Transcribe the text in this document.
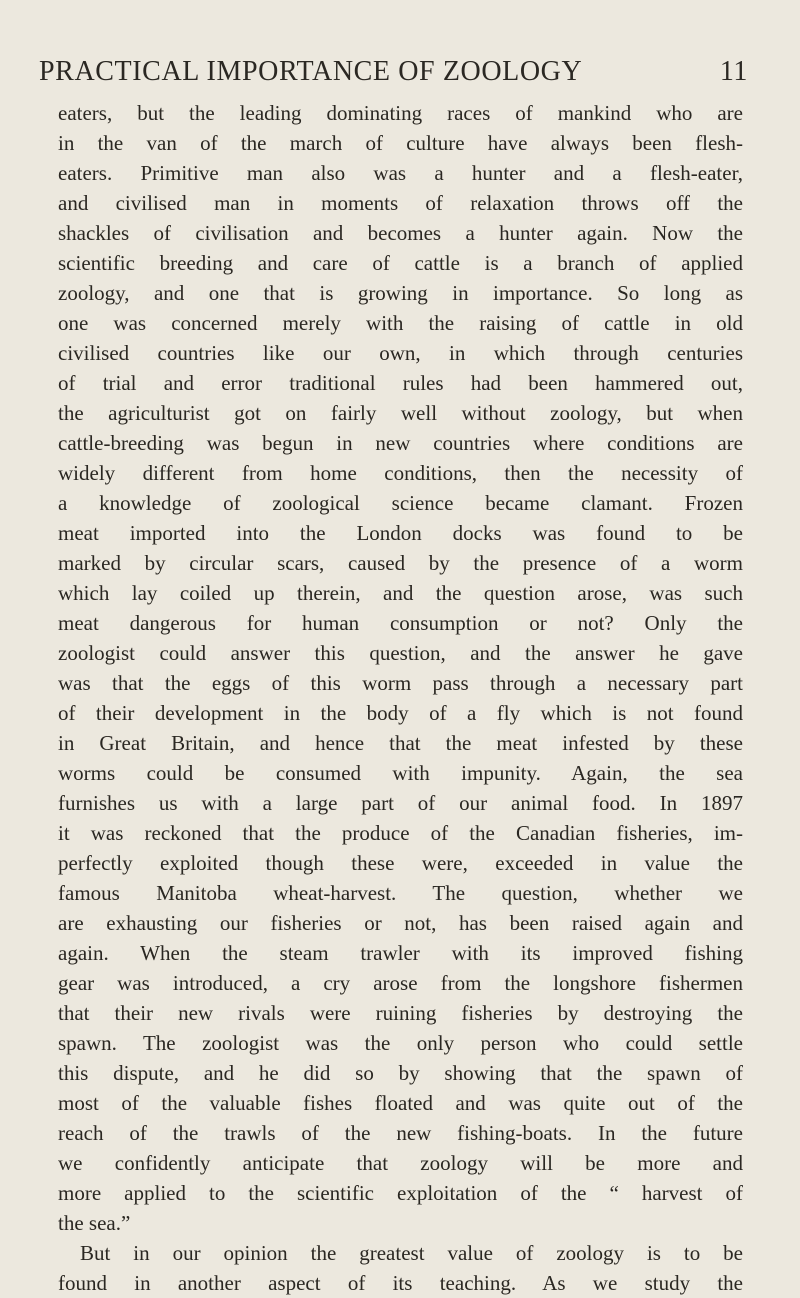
PRACTICAL IMPORTANCE OF ZOOLOGY	11
eaters, but the leading dominating races of mankind who are
in the van of the march of culture have always been flesh-
eaters. Primitive man also was a hunter and a flesh-eater,
and civilised man in moments of relaxation throws off the
shackles of civilisation and becomes a hunter again. Now the
scientific breeding and care of cattle is a branch of applied
zoology, and one that is growing in importance. So long as
one was concerned merely with the raising of cattle in old
civilised countries like our own, in which through centuries
of trial and error traditional rules had been hammered out,
the agriculturist got on fairly well without zoology, but when
cattle-breeding was begun in new countries where conditions are
widely different from home conditions, then the necessity of
a knowledge of zoological science became clamant. Frozen
meat imported into the London docks was found to be
marked by circular scars, caused by the presence of a worm
which lay coiled up therein, and the question arose, was such
meat dangerous for human consumption or not? Only the
zoologist could answer this question, and the answer he gave
was that the eggs of this worm pass through a necessary part
of their development in the body of a fly which is not found
in Great Britain, and hence that the meat infested by these
worms could be consumed with impunity. Again, the sea
furnishes us with a large part of our animal food. In 1897
it was reckoned that the produce of the Canadian fisheries, im-
perfectly exploited though these were, exceeded in value the
famous Manitoba wheat-harvest. The question, whether we
are exhausting our fisheries or not, has been raised again and
again. When the steam trawler with its improved fishing
gear was introduced, a cry arose from the longshore fishermen
that their new rivals were ruining fisheries by destroying the
spawn. The zoologist was the only person who could settle
this dispute, and he did so by showing that the spawn of
most of the valuable fishes floated and was quite out of the
reach of the trawls of the new fishing-boats. In the future
we confidently anticipate that zoology will be more and
more applied to the scientific exploitation of the “ harvest of
the sea.”
But in our opinion the greatest value of zoology is to be
found in another aspect of its teaching. As we study the
